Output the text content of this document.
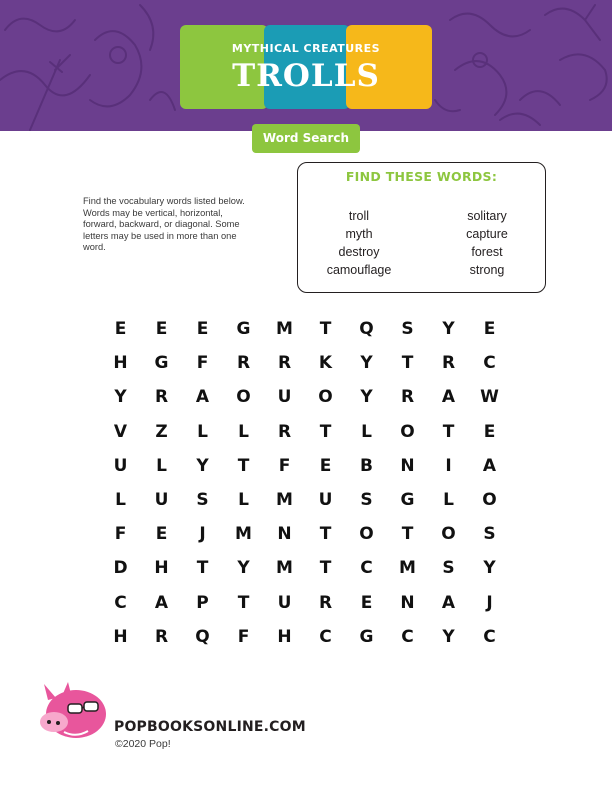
MYTHICAL CREATURES
TROLLS
Word Search
Find the vocabulary words listed below. Words may be vertical, horizontal, forward, backward, or diagonal. Some letters may be used in more than one word.
FIND THESE WORDS:
troll
myth
destroy
camouflage
solitary
capture
forest
strong
E	E	E	G	M	T	Q	S	Y	E
H	G	F	R	R	K	Y	T	R	C
Y	R	A	O	U	O	Y	R	A	W
V	Z	L	L	R	T	L	O	T	E
U	L	Y	T	F	E	B	N	I	A
L	U	S	L	M	U	S	G	L	O
F	E	J	M	N	T	O	T	O	S
D	H	T	Y	M	T	C	M	S	Y
C	A	P	T	U	R	E	N	A	J
H	R	Q	F	H	C	G	C	Y	C
POPBOOKSONLINE.COM
©2020 Pop!
